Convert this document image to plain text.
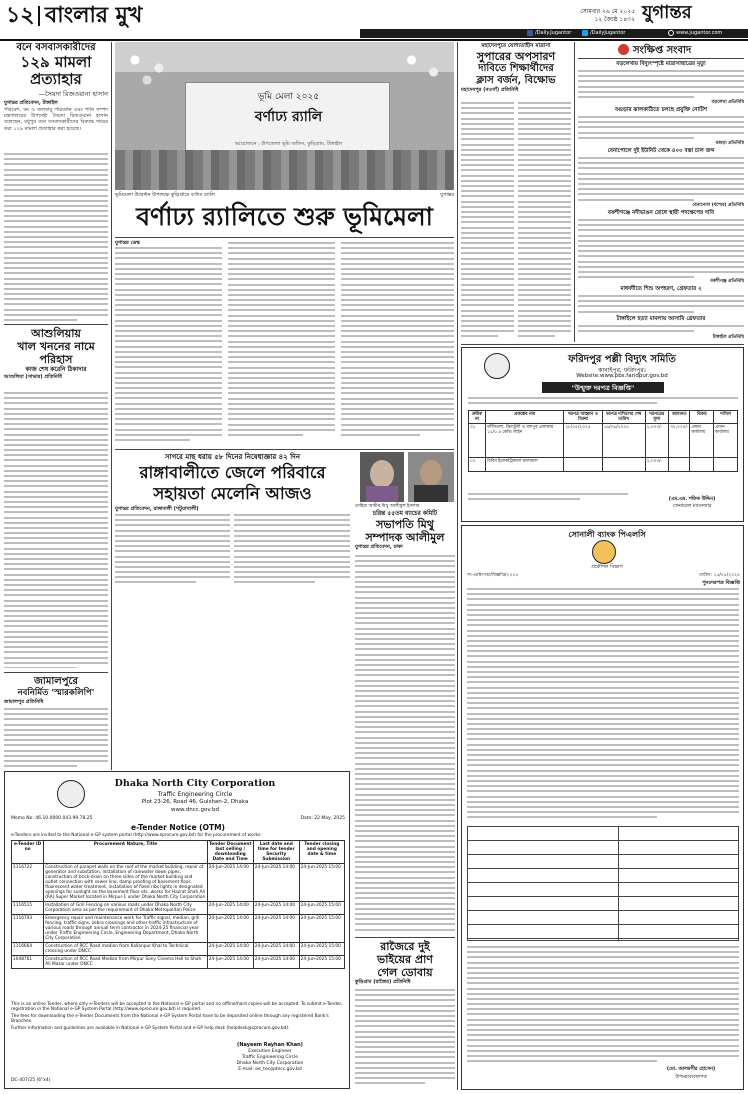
১২ বাংলার মুখ	সোমবার ২৬ মে ২০২৫
১২ জ্যৈষ্ঠ ১৪৩২ যুগান্তর
/Daily.Jugantor	/DailyJugantor	www.jugantor.com
বনে বসবাসকারীদের
১২৯ মামলা
প্রত্যাহার
—সৈয়দা রিজওয়ানা হাসান
যুগান্তর প্রতিবেদন, টাঙ্গাইল
পরিবেশ, বন ও জলবায়ু পরিবর্তন এবং পানি সম্পদ মন্ত্রণালয়ের উপদেষ্টা সৈয়দা রিজওয়ানা হাসান বলেছেন, মধুপুর বনে বসবাসকারীদের বিরুদ্ধে দায়ের করা ১২৯ মামলা প্রত্যাহার করা হয়েছে।
আশুলিয়ায়
খাল খননের নামে
পরিহাস
কাজ শেষ করেনি ঠিকাদার
আশুলিয়া (সাভার) প্রতিনিধি
জামালপুরে
নবনির্মিত 'স্মারকলিপি'
জামালপুর প্রতিনিধি
ভূমি মেলা ২০২৫
বর্ণাঢ্য র‍্যালি
আয়োজনে : উপজেলা ভূমি অফিস, কুড়িগ্রাম, টাঙ্গাইল
ভূমিমেলা উদ্বোধন উপলক্ষে কুড়িগ্রামে বর্ণাঢ্য র‍্যালি	যুগান্তর
বর্ণাঢ্য র‍্যালিতে শুরু ভূমিমেলা
যুগান্তর ডেস্ক
সাগরে মাছ ধরায় ৫৮ দিনের নিষেধাজ্ঞার ৪২ দিন
রাঙ্গাবালীতে জেলে পরিবারে
সহায়তা মেলেনি আজও
যুগান্তর প্রতিবেদন, রাঙ্গাবালী (পটুয়াখালী)
Dhaka North City Corporation
Traffic Engineering Circle
Plot 23-26, Road 46, Gulshan-2, Dhaka
www.dncc.gov.bd
Memo No: 46.10.0000.043.99.78.25	Date: 22 May, 2025
e-Tender Notice (OTM)
e-Tenders are invited to the National e-GP system portal (http://www.eprocure.gov.bd) for the procurement of works:
e-Tender ID no	Procurement Nature, Title	Tender Document last selling / downloading Date and Time	Last date and time for tender Security Submission	Tender closing and opening date & time
1116722	Construction of parapet walls on the roof of the market building, repair of generator and substation, installation of rainwater down pipes, construction of brick-drain on three sides of the market building and outlet connection with sewer line, damp proofing of basement floor, fluorescent water treatment, installation of fixed ribs lights in designated openings for sunlight on the basement floor etc. works for Hazrat Shah Ali (RA) Super Market located in Mirpur-1 under Dhaka North City Corporation	24-Jun-2025 14:00	24-Jun-2025 14:00	24-Jun-2025 15:00
1116515	Installation of Grill Fencing on various roads under Dhaka North City Corporation area as per the requirement of Dhaka Metropolitan Police	24-Jun-2025 14:00	24-Jun-2025 14:00	24-Jun-2025 15:00
1116703	Emergency repair and maintenance work for Traffic signal, median, grill fencing, traffic signs, zebra crossings and other traffic infrastructure of various roads through annual term contractor in 2024-25 financial year under Traffic Engineering Circle, Engineering Department, Dhaka North City Corporation.	24-Jun-2025 14:00	24-Jun-2025 14:00	24-Jun-2025 15:00
1116664	Construction of RCC Road median from Kallanpur Khal to Technical crossing under DNCC	24-Jun-2025 14:00	24-Jun-2025 14:00	24-Jun-2025 15:00
1048761	Construction of RCC Road Median from Mirpur Sony Cinema Hall to Shah Ali Mazar under DNCC	24-Jun-2025 14:00	24-Jun-2025 14:00	24-Jun-2025 15:00
This is an online Tender, where only e-Tenders will be accepted in the National e-GP portal and no offline/hard copies will be accepted. To submit e-Tender, registration in the National e-GP System Portal (http://www.eprocure.gov.bd) is required.
The fees for downloading the e-Tender Documents from the National e-GP System Portal have to be deposited online through any registered Bank's Branches.
Further information and guidelines are available in National e-GP System Portal and e-GP help desk (helpdesk@cprocure.gov.bd).
(Nayeem Rayhan Khan)
Executive Engineer
Traffic Engineering Circle
Dhaka North City Corporation
E-mail: ee_tec@dncc.gov.bd
DC-407/25 (6"x4)
তাহিরা আমীন মিথু আলীমুল ইসলাম
চরিন্ত ৫৫তম ব্যাচের কমিটি
সভাপতি মিথু
সম্পাদক আলীমুল
যুগান্তর প্রতিবেদন, ঢাকা
রাজৈরে দুই
ভাইয়ের প্রাণ
গেল ডোবায়
কুড়িগ্রাম (রাজৈর) প্রতিনিধি
মহাদেবপুরে যোগ্যতাহীন মাদ্রাসা
সুপারের অপসারণ
দাবিতে শিক্ষার্থীদের
ক্লাস বর্জন, বিক্ষোভ
মহাদেবপুর (নওগাঁ) প্রতিনিধি
সংক্ষিপ্ত সংবাদ
বড়লেখায় বিদ্যুৎস্পৃষ্টে মাদ্রাসাছাত্রের মৃত্যু
বড়লেখা প্রতিনিধি
বগুড়ার ঝালকাঠিতে চলছে প্রযুক্তি নোটিশ
বগুড়া প্রতিনিধি
বেনাপোলে দুই ইউনিট থেকে ৪০০ বস্তা চাল জব্দ
বেনাপোল (যশোর) প্রতিনিধি
বকশীগঞ্জে নদীভাঙন রোধে স্থায়ী পদক্ষেপের দাবি
বকশীগঞ্জ প্রতিনিধি
মাধবদীতে শিশু অপহরণ, গ্রেফতার ২
টাঙ্গাইলে হত্যা মামলায় আসামি গ্রেফতার
টাঙ্গাইল প্রতিনিধি
ফরিদপুর পল্লী বিদ্যুৎ সমিতি
কানাইপুর, ফরিদপুর।
Website:www.pbs.faridpur.gov.bd
"উন্মুক্ত দরপত্র বিজ্ঞপ্তি"
ক্রমিক নং	প্রকল্পের নাম	দরপত্র আহ্বান ও বিক্রয়	দরপত্র দাখিলের শেষ তারিখ	দরপত্রের মূল্য	জামানত	বিক্রয়	দাখিল
০১	ফাঁসিতলা, ঝিলটুলী ও বাদপুর এলাকার ১১/০.৪ কেভি লাইন	২৮/০৫/২০২৫	১৬/০৬/২০২৫	২,০০০/-	৩৫,০০০/-	প্রধান কার্যালয়	প্রধান কার্যালয়
০২	বিবিধ ইলেকট্রিক্যাল মালামাল			২,০০০/-			
(এম.এম. শফিক উদ্দিন)
জেনারেল ম্যানেজার
সোনালী ব্যাংক পিএলসি
প্রকৌশল বিভাগ
সং-প্র/স্থাপত্য/বিজ্ঞপ্তি/২০২৫	তারিখ: ২৫/০৫/২০২৫
পুনঃদরপত্র বিজ্ঞপ্তি
(মো. আলমগীর হোসেন)
উপমহাব্যবস্থাপক
